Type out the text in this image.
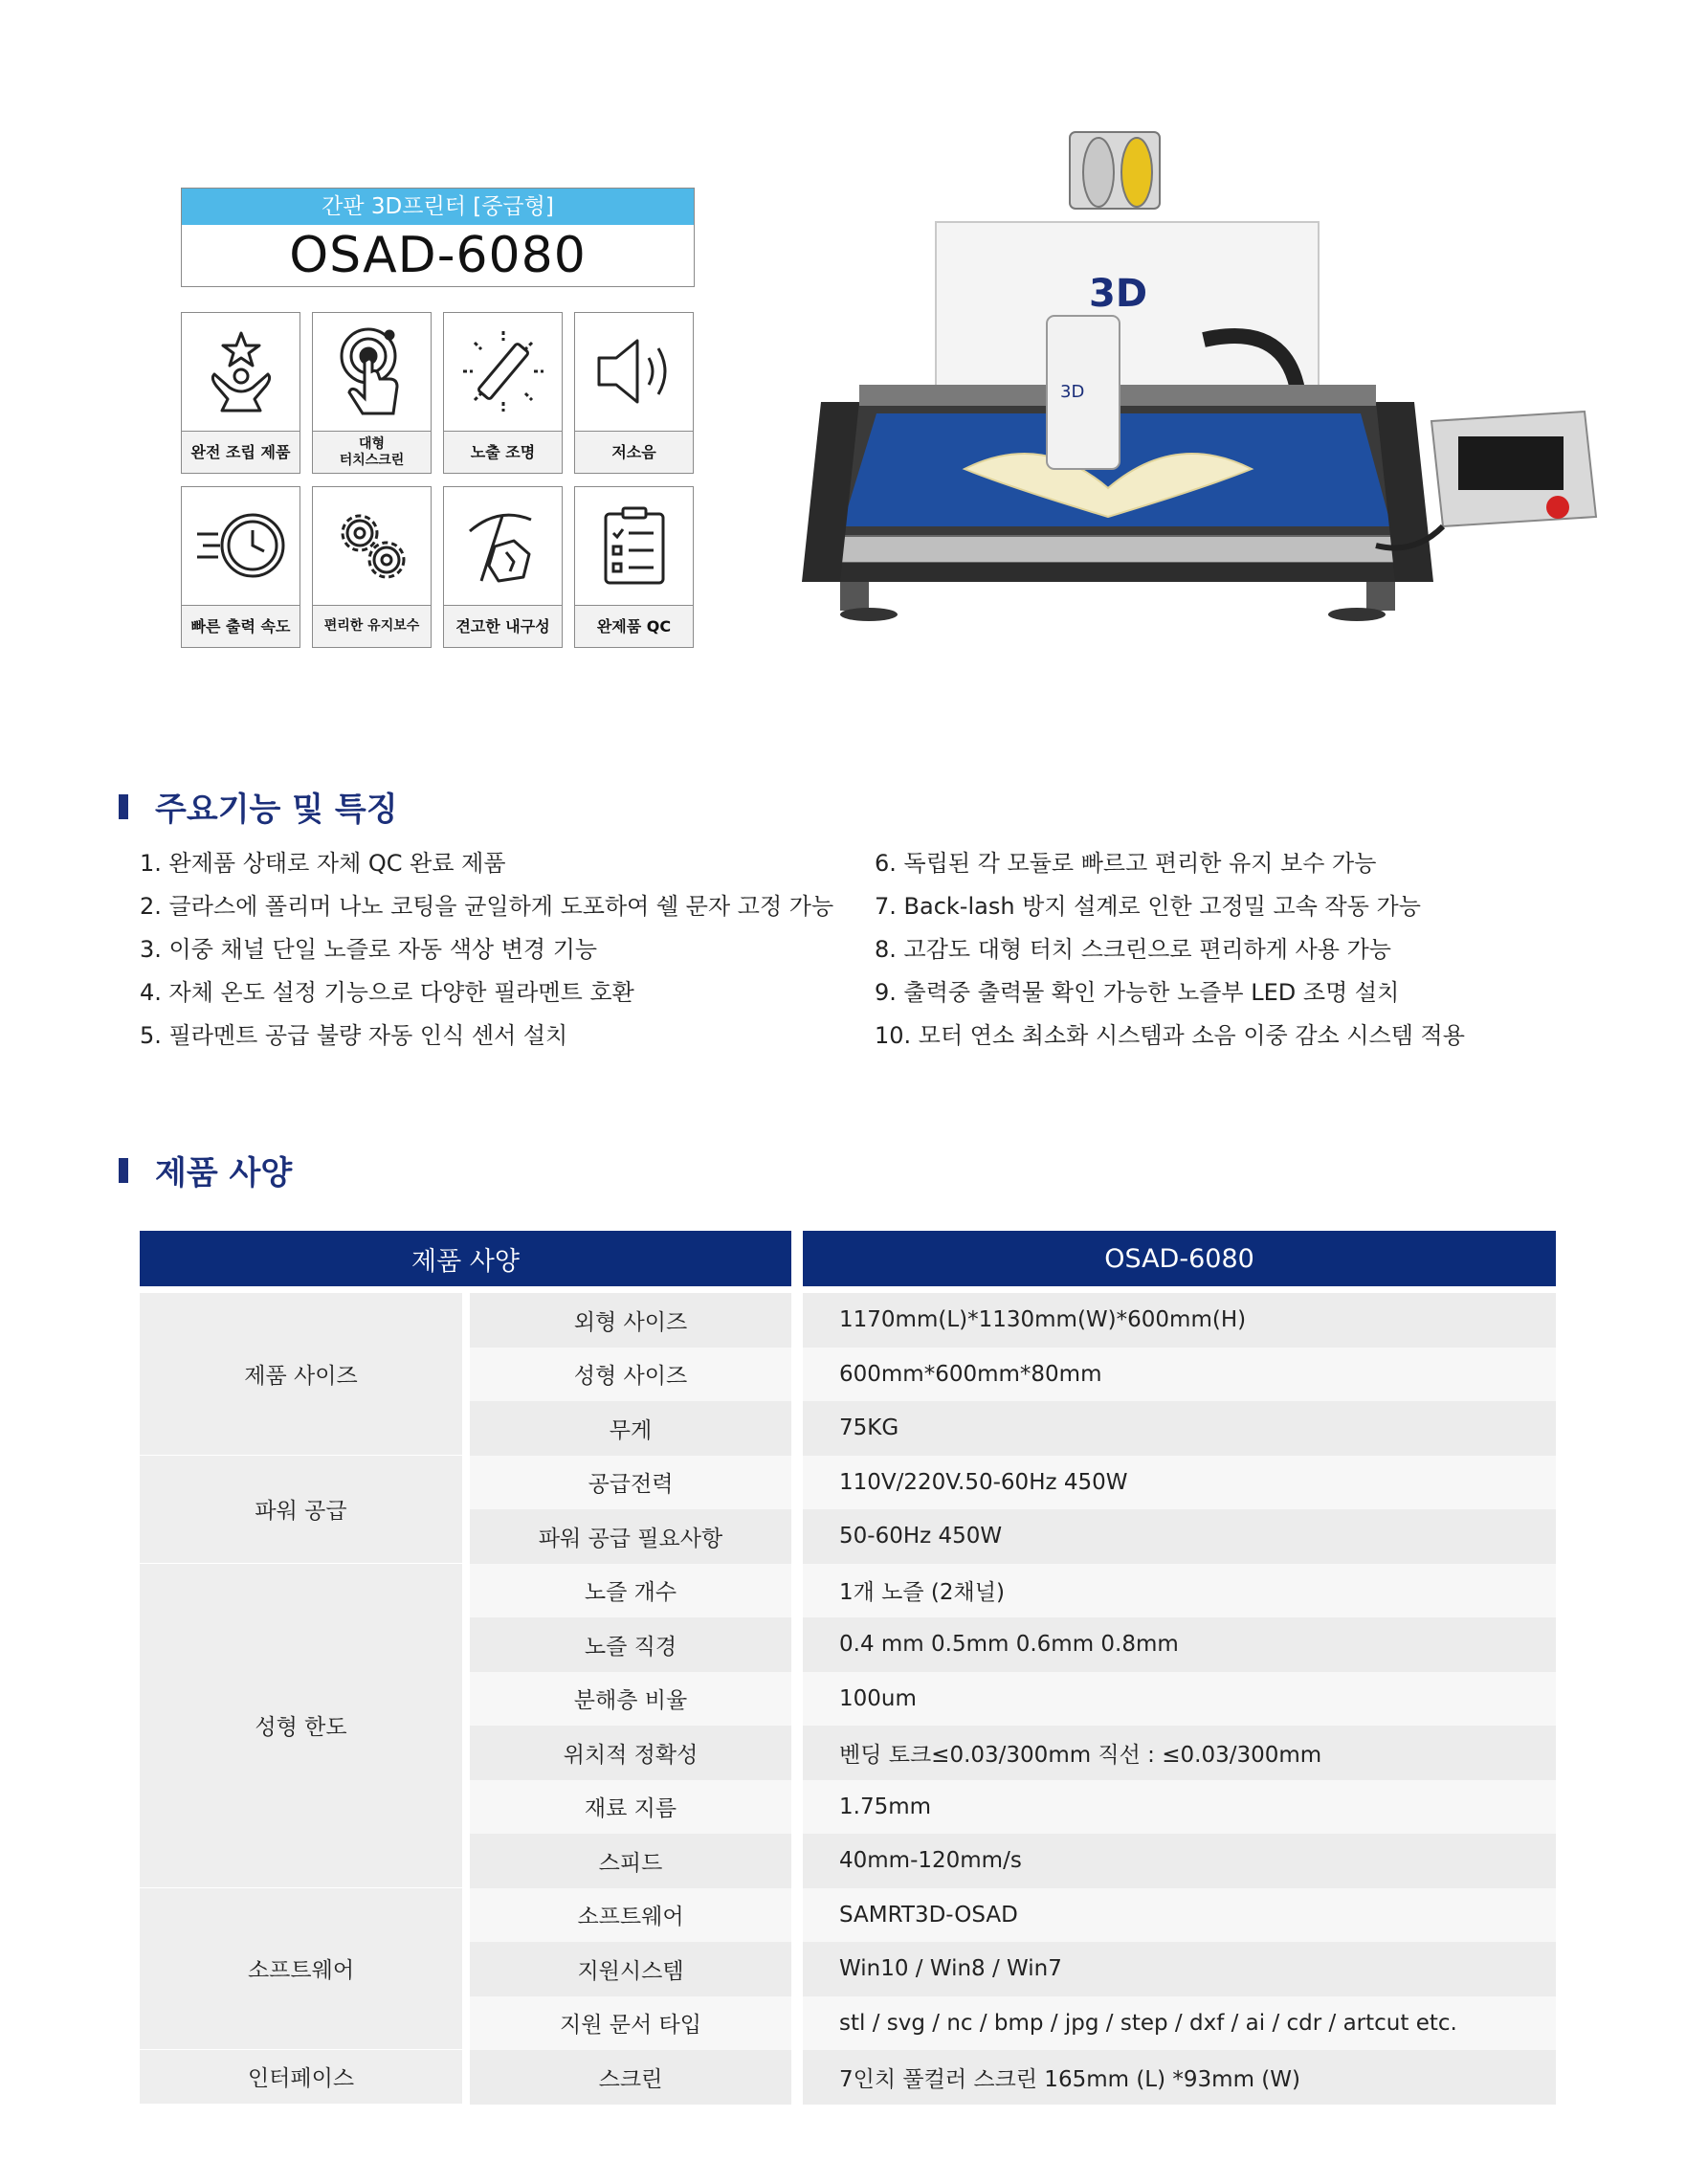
간판 3D프린터 [중급형]
OSAD-6080
완전 조립 제품	대형
터치스크린	노출 조명	저소음
빠른 출력 속도	편리한 유지보수	견고한 내구성	완제품 QC
3D
3D
주요기능 및 특징
1. 완제품 상태로 자체 QC 완료 제품
2. 글라스에 폴리머 나노 코팅을 균일하게 도포하여 쉘 문자 고정 가능
3. 이중 채널 단일 노즐로 자동 색상 변경 기능
4. 자체 온도 설정 기능으로 다양한 필라멘트 호환
5. 필라멘트 공급 불량 자동 인식 센서 설치
6. 독립된 각 모듈로 빠르고 편리한 유지 보수 가능
7. Back-lash 방지 설계로 인한 고정밀 고속 작동 가능
8. 고감도 대형 터치 스크린으로 편리하게 사용 가능
9. 출력중 출력물 확인 가능한 노즐부 LED 조명 설치
10. 모터 연소 최소화 시스템과 소음 이중 감소 시스템 적용
제품 사양
제품 사양	OSAD-6080
제품 사이즈
외형 사이즈	1170mm(L)*1130mm(W)*600mm(H)
성형 사이즈	600mm*600mm*80mm
무게	75KG
파워 공급
공급전력	110V/220V.50-60Hz 450W
파워 공급 필요사항	50-60Hz 450W
성형 한도
노즐 개수	1개 노즐 (2채널)
노즐 직경	0.4 mm 0.5mm 0.6mm 0.8mm
분해층 비율	100um
위치적 정확성	벤딩 토크≤0.03/300mm 직선 : ≤0.03/300mm
재료 지름	1.75mm
스피드	40mm-120mm/s
소프트웨어
소프트웨어	SAMRT3D-OSAD
지원시스템	Win10 / Win8 / Win7
지원 문서 타입	stl / svg / nc / bmp / jpg / step / dxf / ai / cdr / artcut etc.
인터페이스	스크린	7인치 풀컬러 스크린 165mm (L) *93mm (W)
